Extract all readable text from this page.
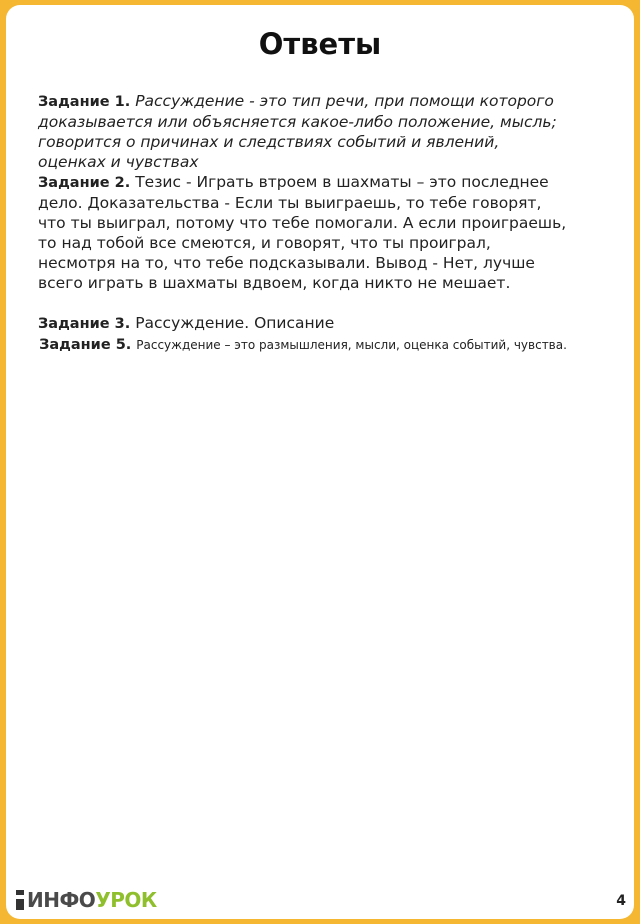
Ответы

Задание 1. Рассуждение - это тип речи, при помощи которого доказывается или объясняется какое-либо положение, мысль; говорится о причинах и следствиях событий и явлений, оценках и чувствах

Задание 2. Тезис - Играть втроем в шахматы – это последнее дело. Доказательства - Если ты выиграешь, то тебе говорят, что ты выиграл, потому что тебе помогали. А если проиграешь, то над тобой все смеются, и говорят, что ты проиграл, несмотря на то, что тебе подсказывали. Вывод - Нет, лучше всего играть в шахматы вдвоем, когда никто не мешает.

Задание 3. Рассуждение. Описание

Задание 5. Рассуждение – это размышления, мысли, оценка событий, чувства.

ИНФО УРОК	4
